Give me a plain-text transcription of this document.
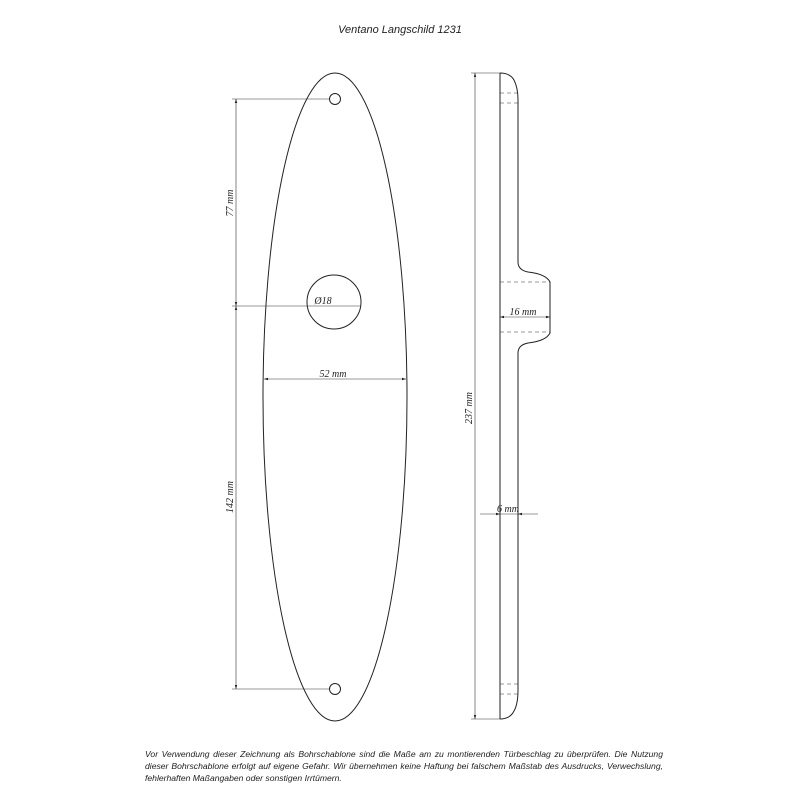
Ventano Langschild 1231
77 mm
142 mm
Ø18
52 mm
237 mm
16 mm
6 mm

Vor Verwendung dieser Zeichnung als Bohrschablone sind die Maße am zu montierenden Türbeschlag zu überprüfen. Die Nutzung dieser Bohrschablone erfolgt auf eigene Gefahr. Wir übernehmen keine Haftung bei falschem Maßstab des Ausdrucks, Verwechslung, fehlerhaften Maßangaben oder sonstigen Irrtümern.
